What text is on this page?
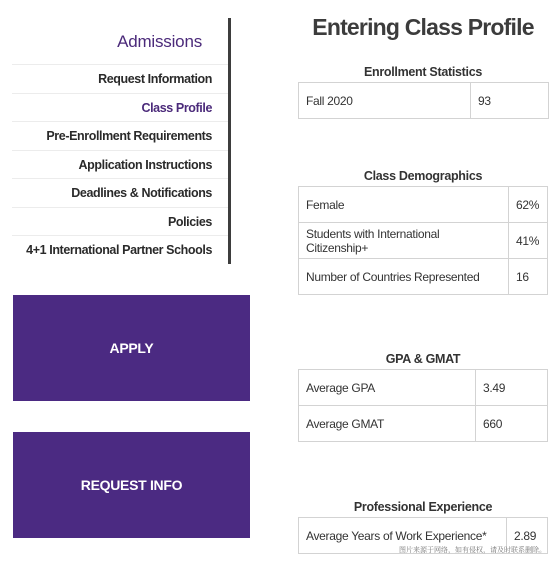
Admissions
Request Information
Class Profile
Pre-Enrollment Requirements
Application Instructions
Deadlines & Notifications
Policies
4+1 International Partner Schools
APPLY
REQUEST INFO
Entering Class Profile
Enrollment Statistics
Fall 2020	93
Class Demographics
Female	62%
Students with International Citizenship+	41%
Number of Countries Represented	16
GPA & GMAT
Average GPA	3.49
Average GMAT	660
Professional Experience
Average Years of Work Experience*	2.89
图片来源于网络，如有侵权，请及时联系删除。
